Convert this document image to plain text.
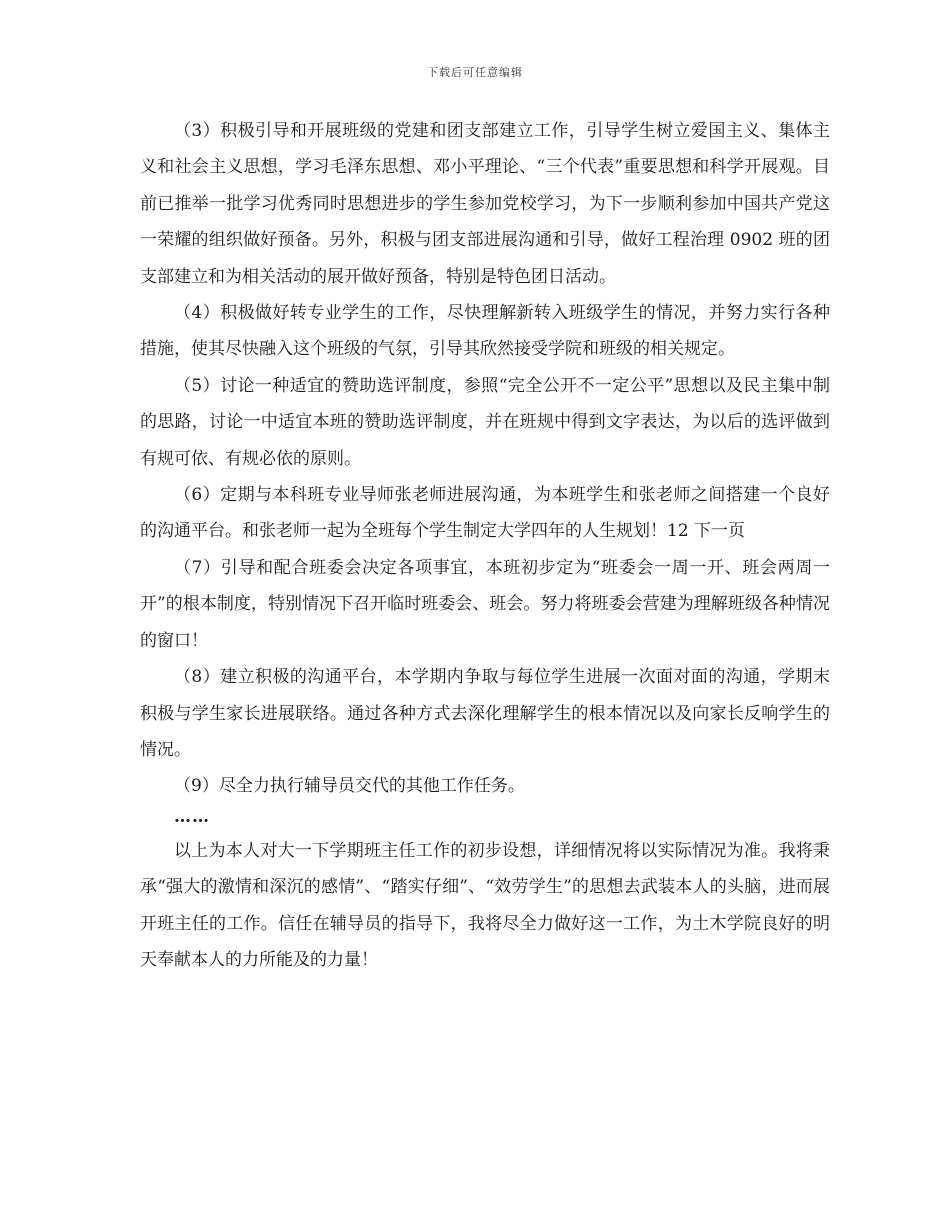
下载后可任意编辑

（3）积极引导和开展班级的党建和团支部建立工作，引导学生树立爱国主义、集体主义和社会主义思想，学习毛泽东思想、邓小平理论、“三个代表”重要思想和科学开展观。目前已推举一批学习优秀同时思想进步的学生参加党校学习，为下一步顺利参加中国共产党这一荣耀的组织做好预备。另外，积极与团支部进展沟通和引导，做好工程治理 0902 班的团支部建立和为相关活动的展开做好预备，特别是特色团日活动。

（4）积极做好转专业学生的工作，尽快理解新转入班级学生的情况，并努力实行各种措施，使其尽快融入这个班级的气氛，引导其欣然接受学院和班级的相关规定。

（5）讨论一种适宜的赞助选评制度，参照“完全公开不一定公平”思想以及民主集中制的思路，讨论一中适宜本班的赞助选评制度，并在班规中得到文字表达，为以后的选评做到有规可依、有规必依的原则。

（6）定期与本科班专业导师张老师进展沟通，为本班学生和张老师之间搭建一个良好的沟通平台。和张老师一起为全班每个学生制定大学四年的人生规划！12 下一页

（7）引导和配合班委会决定各项事宜，本班初步定为“班委会一周一开、班会两周一开”的根本制度，特别情况下召开临时班委会、班会。努力将班委会营建为理解班级各种情况的窗口！

（8）建立积极的沟通平台，本学期内争取与每位学生进展一次面对面的沟通，学期末积极与学生家长进展联络。通过各种方式去深化理解学生的根本情况以及向家长反响学生的情况。

（9）尽全力执行辅导员交代的其他工作任务。

……

以上为本人对大一下学期班主任工作的初步设想，详细情况将以实际情况为准。我将秉承“强大的激情和深沉的感情”、“踏实仔细”、“效劳学生”的思想去武装本人的头脑，进而展开班主任的工作。信任在辅导员的指导下，我将尽全力做好这一工作，为土木学院良好的明天奉献本人的力所能及的力量！
